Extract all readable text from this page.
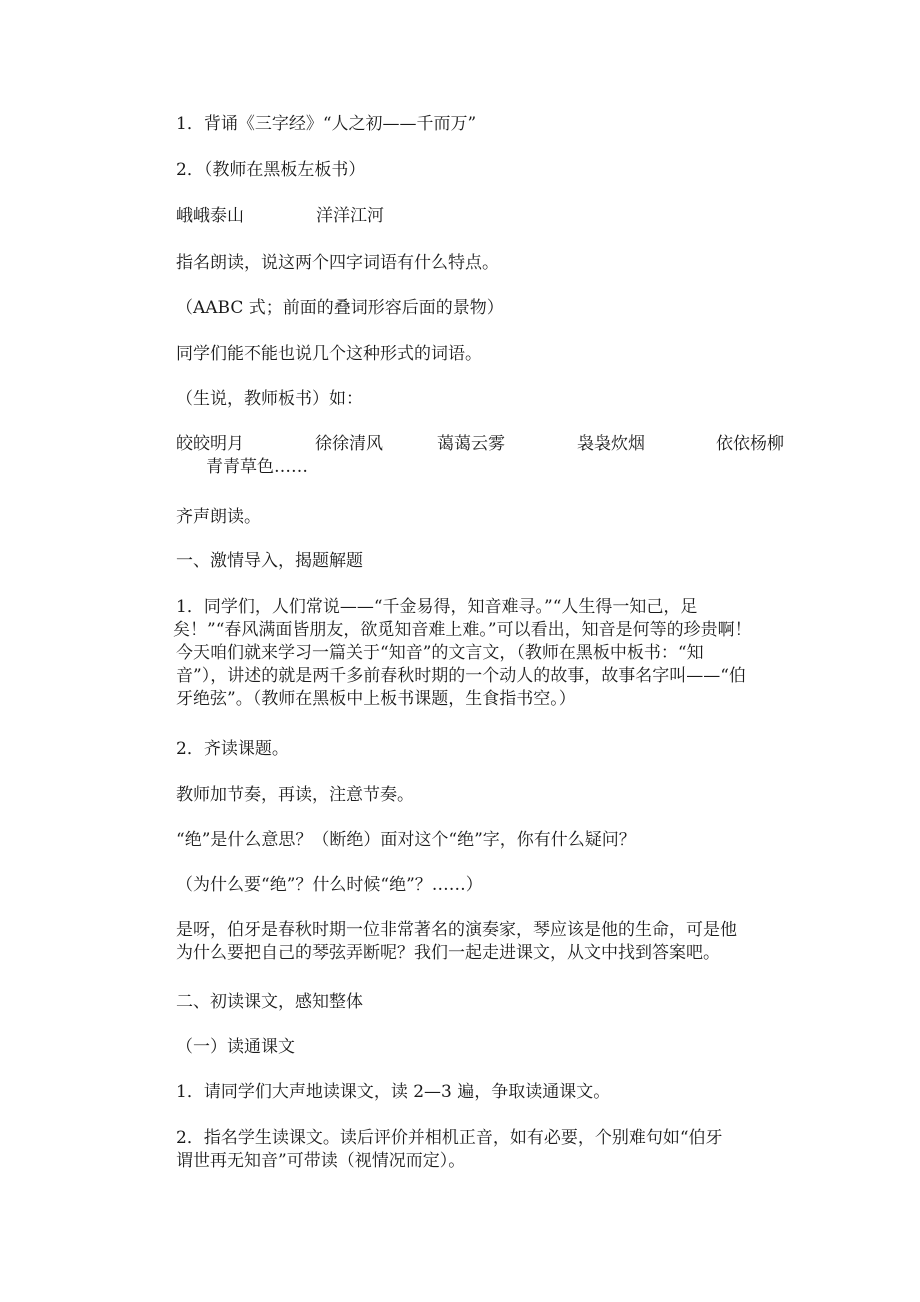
1．背诵《三字经》“人之初——千而万”

2．（教师在黑板左板书）

峨峨泰山	洋洋江河

指名朗读，说这两个四字词语有什么特点。

（AABC 式；前面的叠词形容后面的景物）

同学们能不能也说几个这种形式的词语。

（生说，教师板书）如：

皎皎明月	徐徐清风	蔼蔼云雾	袅袅炊烟	依依杨柳
青青草色……

齐声朗读。

一、激情导入，揭题解题

1．同学们，人们常说——“千金易得，知音难寻。”“人生得一知己，足
矣！”“春风满面皆朋友，欲觅知音难上难。”可以看出，知音是何等的珍贵啊！
今天咱们就来学习一篇关于“知音”的文言文，（教师在黑板中板书：“知
音”），讲述的就是两千多前春秋时期的一个动人的故事，故事名字叫——“伯
牙绝弦”。（教师在黑板中上板书课题，生食指书空。）

2．齐读课题。

教师加节奏，再读，注意节奏。

“绝”是什么意思？（断绝）面对这个“绝”字，你有什么疑问？

（为什么要“绝”？什么时候“绝”？……）

是呀，伯牙是春秋时期一位非常著名的演奏家，琴应该是他的生命，可是他
为什么要把自己的琴弦弄断呢？我们一起走进课文，从文中找到答案吧。

二、初读课文，感知整体

（一）读通课文

1．请同学们大声地读课文，读 2—3 遍，争取读通课文。

2．指名学生读课文。读后评价并相机正音，如有必要，个别难句如“伯牙
谓世再无知音”可带读（视情况而定）。
